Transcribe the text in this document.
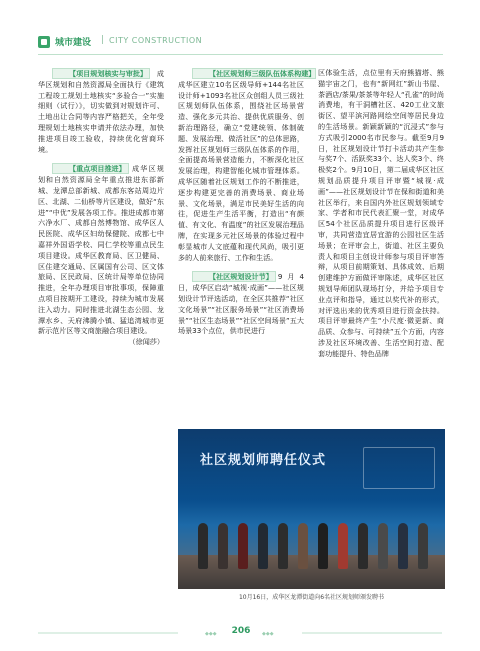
城市建设 | CITY CONSTRUCTION

【项目规划核实与审批】 成华区规划和自然资源局全面执行《建筑工程竣工规划土地核实“多验合一”实施细则（试行）》，切实做到对规划许可、土地出让合同等内容严格把关，全年受理规划土地核实申请并依法办理，加快推进项目竣工验收，持续优化营商环境。

【重点项目推进】 成华区规划和自然资源局全年重点推进东部新城、龙潭总部新城、成都东客站周边片区、北湖、二仙桥等片区建设，做好“东进”“中优”发展各项工作。推进成都市第六净水厂、成都自然博物馆、成华区人民医院、成华区妇幼保健院、成都七中嘉祥外国语学校、同仁学校等重点民生项目建设。成华区教育局、区卫健局、区住建交通局、区属国有公司、区文体旅局、区民政局、区统计局等单位协同推进，全年办理项目审批事项，保障重点项目按期开工建设，持续为城市发展注入动力。同时推进北湖生态公园、龙潭水乡、天府沸腾小镇、猛追湾城市更新示范片区等文商旅融合项目建设。

（徐闻莎）

【社区规划师三级队伍体系构建】成华区建立10名区级导师+144名社区设计师+1093名社区众创组人员三级社区规划师队伍体系，围绕社区场景营造、强化多元共治、提供优质服务、创新治理路径，确立“党建统领、体制破题、发展治理、做活社区”的总体思路，发挥社区规划师三级队伍体系的作用，全面提高场景营造能力，不断深化社区发展治理，构建智能化城市管理体系。成华区随着社区规划工作的不断推进，逐步构建更完善的消费场景、商业场景、文化场景，满足市民美好生活的向往，促进生产生活平衡，打造出“有颜值、有文化、有温度”的社区发展治理品牌，在实现多元社区场景的体验过程中彰显城市人文底蕴和现代风尚，吸引更多的人前来旅行、工作和生活。

【社区规划设计节】 9月4日，成华区启动“城视·成画”——社区规划设计节评选活动，在全区共推荐“社区文化场景”“社区服务场景”“社区消费场景”“社区生态场景”“社区空间场景”五大场景33个点位，供市民进行

区体验生活，点位里有天府熊猫塔、熊猫宇宙之门，也有“新网红”新山书屋、茶酒店/茶果/茶茶等年轻人“孔雀”的时尚消费地，有干洞槽社区、420工业文旅街区、望平滨河路网绘空间等居民身边的生活场景。新颖新颖的“沉浸式”参与方式吸引2000名市民参与。截至9月9日，社区规划设计节打卡活动共产生参与奖7个、活跃奖33个、达人奖3个、终极奖2个。9月10日，第二届成华区社区规划品质提升项目评审暨“城视·成画”——社区规划设计节在保和街道和美社区举行，来自国内外社区规划领域专家、学者和市民代表汇聚一堂，对成华区54个社区品质提升项目进行区级评审，共同营造宜居宜游的公园社区生活场景；在评审会上，街道、社区主要负责人和项目主创设计师参与项目评审答辩，从项目前期策划、具体成效、后期创建维护方面做评审陈述，成华区社区规划导师团队现场打分，并给予项目专业点评和指导，通过以奖代补的形式，对评选出来的优秀项目进行资金扶持。项目评审最终产生“小尺度·微更新、商品质、众参与、可持续”五个方面，内容涉及社区环境改善、生活空间打造、配套功能提升、特色品牌

社区规划师聘任仪式
10月16日，成华区龙潭街道向6名社区规划师颁发聘书
◆◆◆	206	◆◆◆
